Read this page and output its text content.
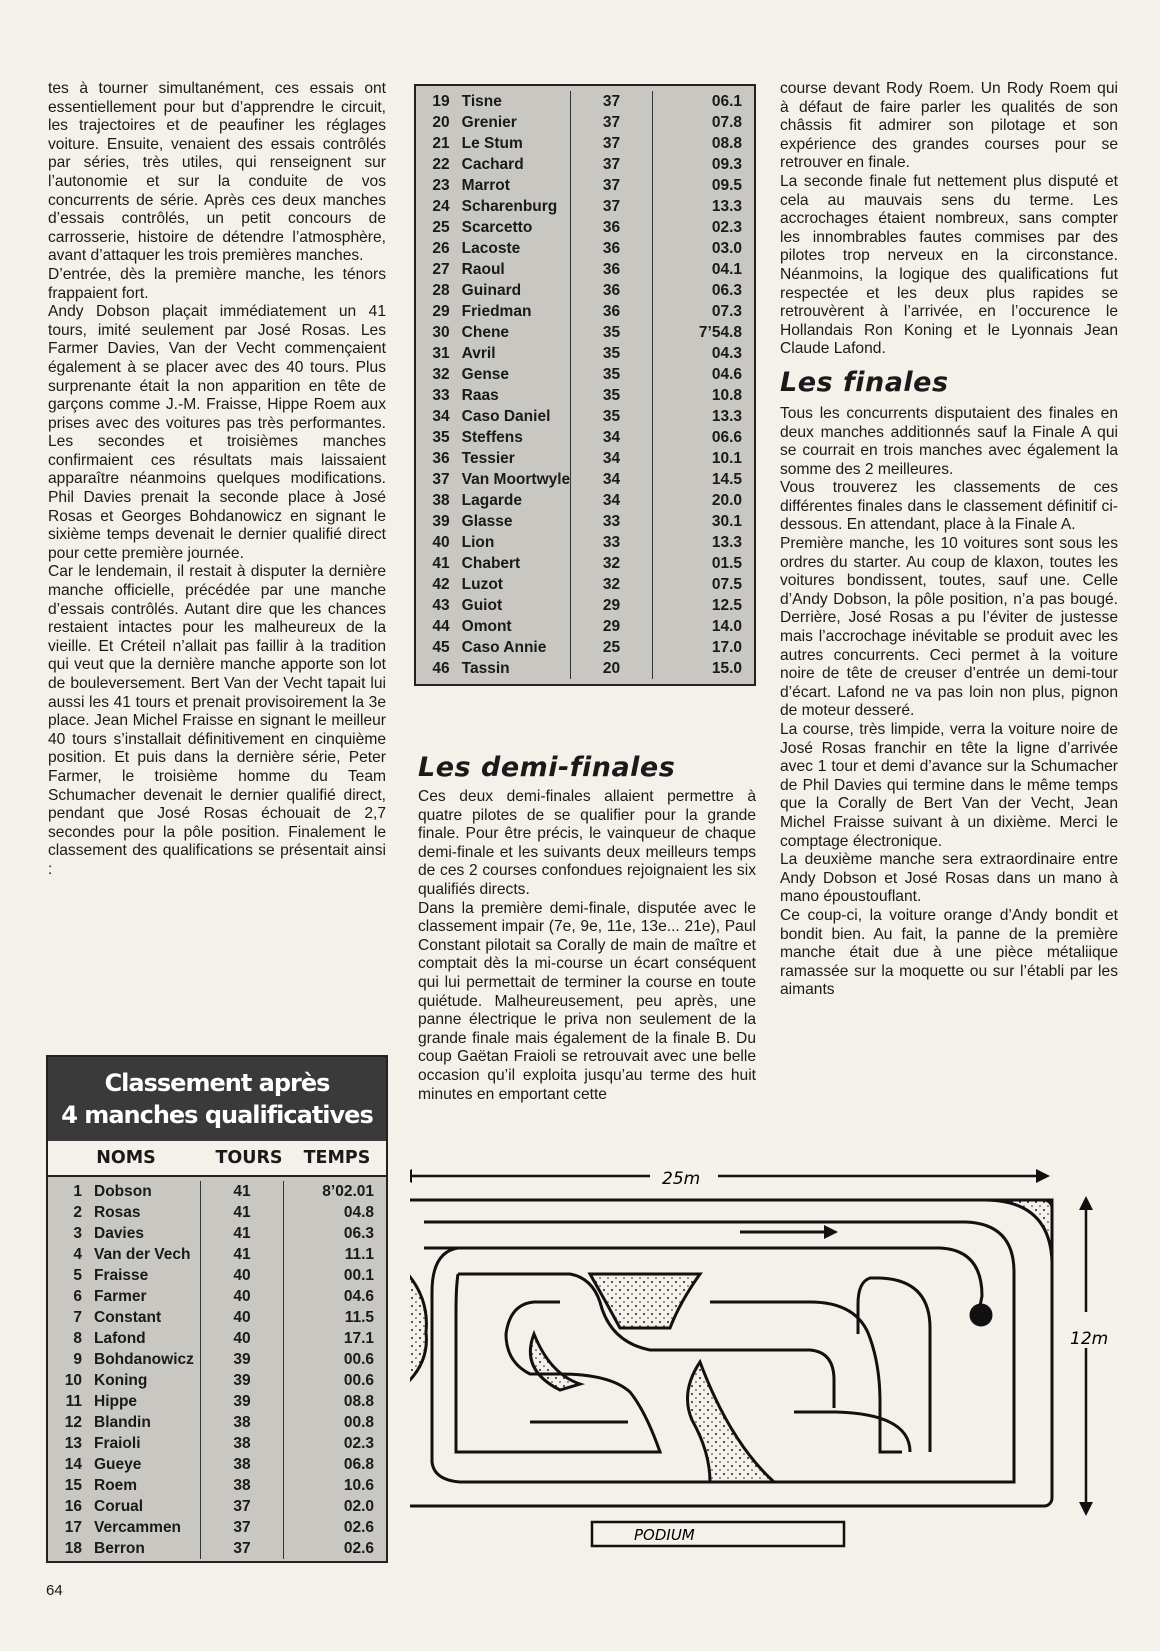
tes à tourner simultanément, ces essais ont essentiellement pour but d’apprendre le circuit, les trajectoires et de peaufiner les réglages voiture. Ensuite, venaient des essais contrôlés par séries, très utiles, qui renseignent sur l’autonomie et sur la conduite de vos concurrents de série. Après ces deux manches d’essais contrôlés, un petit concours de carrosserie, histoire de détendre l’atmosphère, avant d’attaquer les trois premières manches.

D’entrée, dès la première manche, les ténors frappaient fort.

Andy Dobson plaçait immédiatement un 41 tours, imité seulement par José Rosas. Les Farmer Davies, Van der Vecht commençaient également à se placer avec des 40 tours. Plus surprenante était la non apparition en tête de garçons comme J.-M. Fraisse, Hippe Roem aux prises avec des voitures pas très performantes. Les secondes et troisièmes manches confirmaient ces résultats mais laissaient apparaître néanmoins quelques modifications. Phil Davies prenait la seconde place à José Rosas et Georges Bohdanowicz en signant le sixième temps devenait le dernier qualifié direct pour cette première journée.

Car le lendemain, il restait à disputer la dernière manche officielle, précédée par une manche d’essais contrôlés. Autant dire que les chances restaient intactes pour les malheureux de la vieille. Et Créteil n’allait pas faillir à la tradition qui veut que la dernière manche apporte son lot de bouleversement. Bert Van der Vecht tapait lui aussi les 41 tours et prenait provisoirement la 3e place. Jean Michel Fraisse en signant le meilleur 40 tours s’installait définitivement en cinquième position. Et puis dans la dernière série, Peter Farmer, le troisième homme du Team Schumacher devenait le dernier qualifié direct, pendant que José Rosas échouait de 2,7 secondes pour la pôle position. Finalement le classement des qualifications se présentait ainsi :

19	Tisne	37	06.1
20	Grenier	37	07.8
21	Le Stum	37	08.8
22	Cachard	37	09.3
23	Marrot	37	09.5
24	Scharenburg	37	13.3
25	Scarcetto	36	02.3
26	Lacoste	36	03.0
27	Raoul	36	04.1
28	Guinard	36	06.3
29	Friedman	36	07.3
30	Chene	35	7’54.8
31	Avril	35	04.3
32	Gense	35	04.6
33	Raas	35	10.8
34	Caso Daniel	35	13.3
35	Steffens	34	06.6
36	Tessier	34	10.1
37	Van Moortwyle	34	14.5
38	Lagarde	34	20.0
39	Glasse	33	30.1
40	Lion	33	13.3
41	Chabert	32	01.5
42	Luzot	32	07.5
43	Guiot	29	12.5
44	Omont	29	14.0
45	Caso Annie	25	17.0
46	Tassin	20	15.0
Les demi-finales

Ces deux demi-finales allaient permettre à quatre pilotes de se qualifier pour la grande finale. Pour être précis, le vainqueur de chaque demi-finale et les suivants deux meilleurs temps de ces 2 courses confondues rejoignaient les six qualifiés directs.

Dans la première demi-finale, disputée avec le classement impair (7e, 9e, 11e, 13e... 21e), Paul Constant pilotait sa Corally de main de maître et comptait dès la mi-course un écart conséquent qui lui permettait de terminer la course en toute quiétude. Malheureusement, peu après, une panne électrique le priva non seulement de la grande finale mais également de la finale B. Du coup Gaëtan Fraioli se retrouvait avec une belle occasion qu’il exploita jusqu’au terme des huit minutes en emportant cette

course devant Rody Roem. Un Rody Roem qui à défaut de faire parler les qualités de son châssis fit admirer son pilotage et son expérience des grandes courses pour se retrouver en finale.

La seconde finale fut nettement plus disputé et cela au mauvais sens du terme. Les accrochages étaient nombreux, sans compter les innombrables fautes commises par des pilotes trop nerveux en la circonstance. Néanmoins, la logique des qualifications fut respectée et les deux plus rapides se retrouvèrent à l’arrivée, en l’occurence le Hollandais Ron Koning et le Lyonnais Jean Claude Lafond.

Les finales

Tous les concurrents disputaient des finales en deux manches additionnés sauf la Finale A qui se courrait en trois manches avec également la somme des 2 meilleures.

Vous trouverez les classements de ces différentes finales dans le classement définitif ci-dessous. En attendant, place à la Finale A.

Première manche, les 10 voitures sont sous les ordres du starter. Au coup de klaxon, toutes les voitures bondissent, toutes, sauf une. Celle d’Andy Dobson, la pôle position, n’a pas bougé. Derrière, José Rosas a pu l’éviter de justesse mais l’accrochage inévitable se produit avec les autres concurrents. Ceci permet à la voiture noire de tête de creuser d’entrée un demi-tour d’écart. Lafond ne va pas loin non plus, pignon de moteur desseré.

La course, très limpide, verra la voiture noire de José Rosas franchir en tête la ligne d’arrivée avec 1 tour et demi d’avance sur la Schumacher de Phil Davies qui termine dans le même temps que la Corally de Bert Van der Vecht, Jean Michel Fraisse suivant à un dixième. Merci le comptage électronique.

La deuxième manche sera extraordinaire entre Andy Dobson et José Rosas dans un mano à mano époustouflant.

Ce coup-ci, la voiture orange d’Andy bondit et bondit bien. Au fait, la panne de la première manche était due à une pièce métaliique ramassée sur la moquette ou sur l’établi par les aimants

Classement après
4 manches qualificatives
NOMS	TOURS	TEMPS
1	Dobson	41	8’02.01
2	Rosas	41	04.8
3	Davies	41	06.3
4	Van der Vech	41	11.1
5	Fraisse	40	00.1
6	Farmer	40	04.6
7	Constant	40	11.5
8	Lafond	40	17.1
9	Bohdanowicz	39	00.6
10	Koning	39	00.6
11	Hippe	39	08.8
12	Blandin	38	00.8
13	Fraioli	38	02.3
14	Gueye	38	06.8
15	Roem	38	10.6
16	Corual	37	02.0
17	Vercammen	37	02.6
18	Berron	37	02.6
25m
12m
PODIUM
64
